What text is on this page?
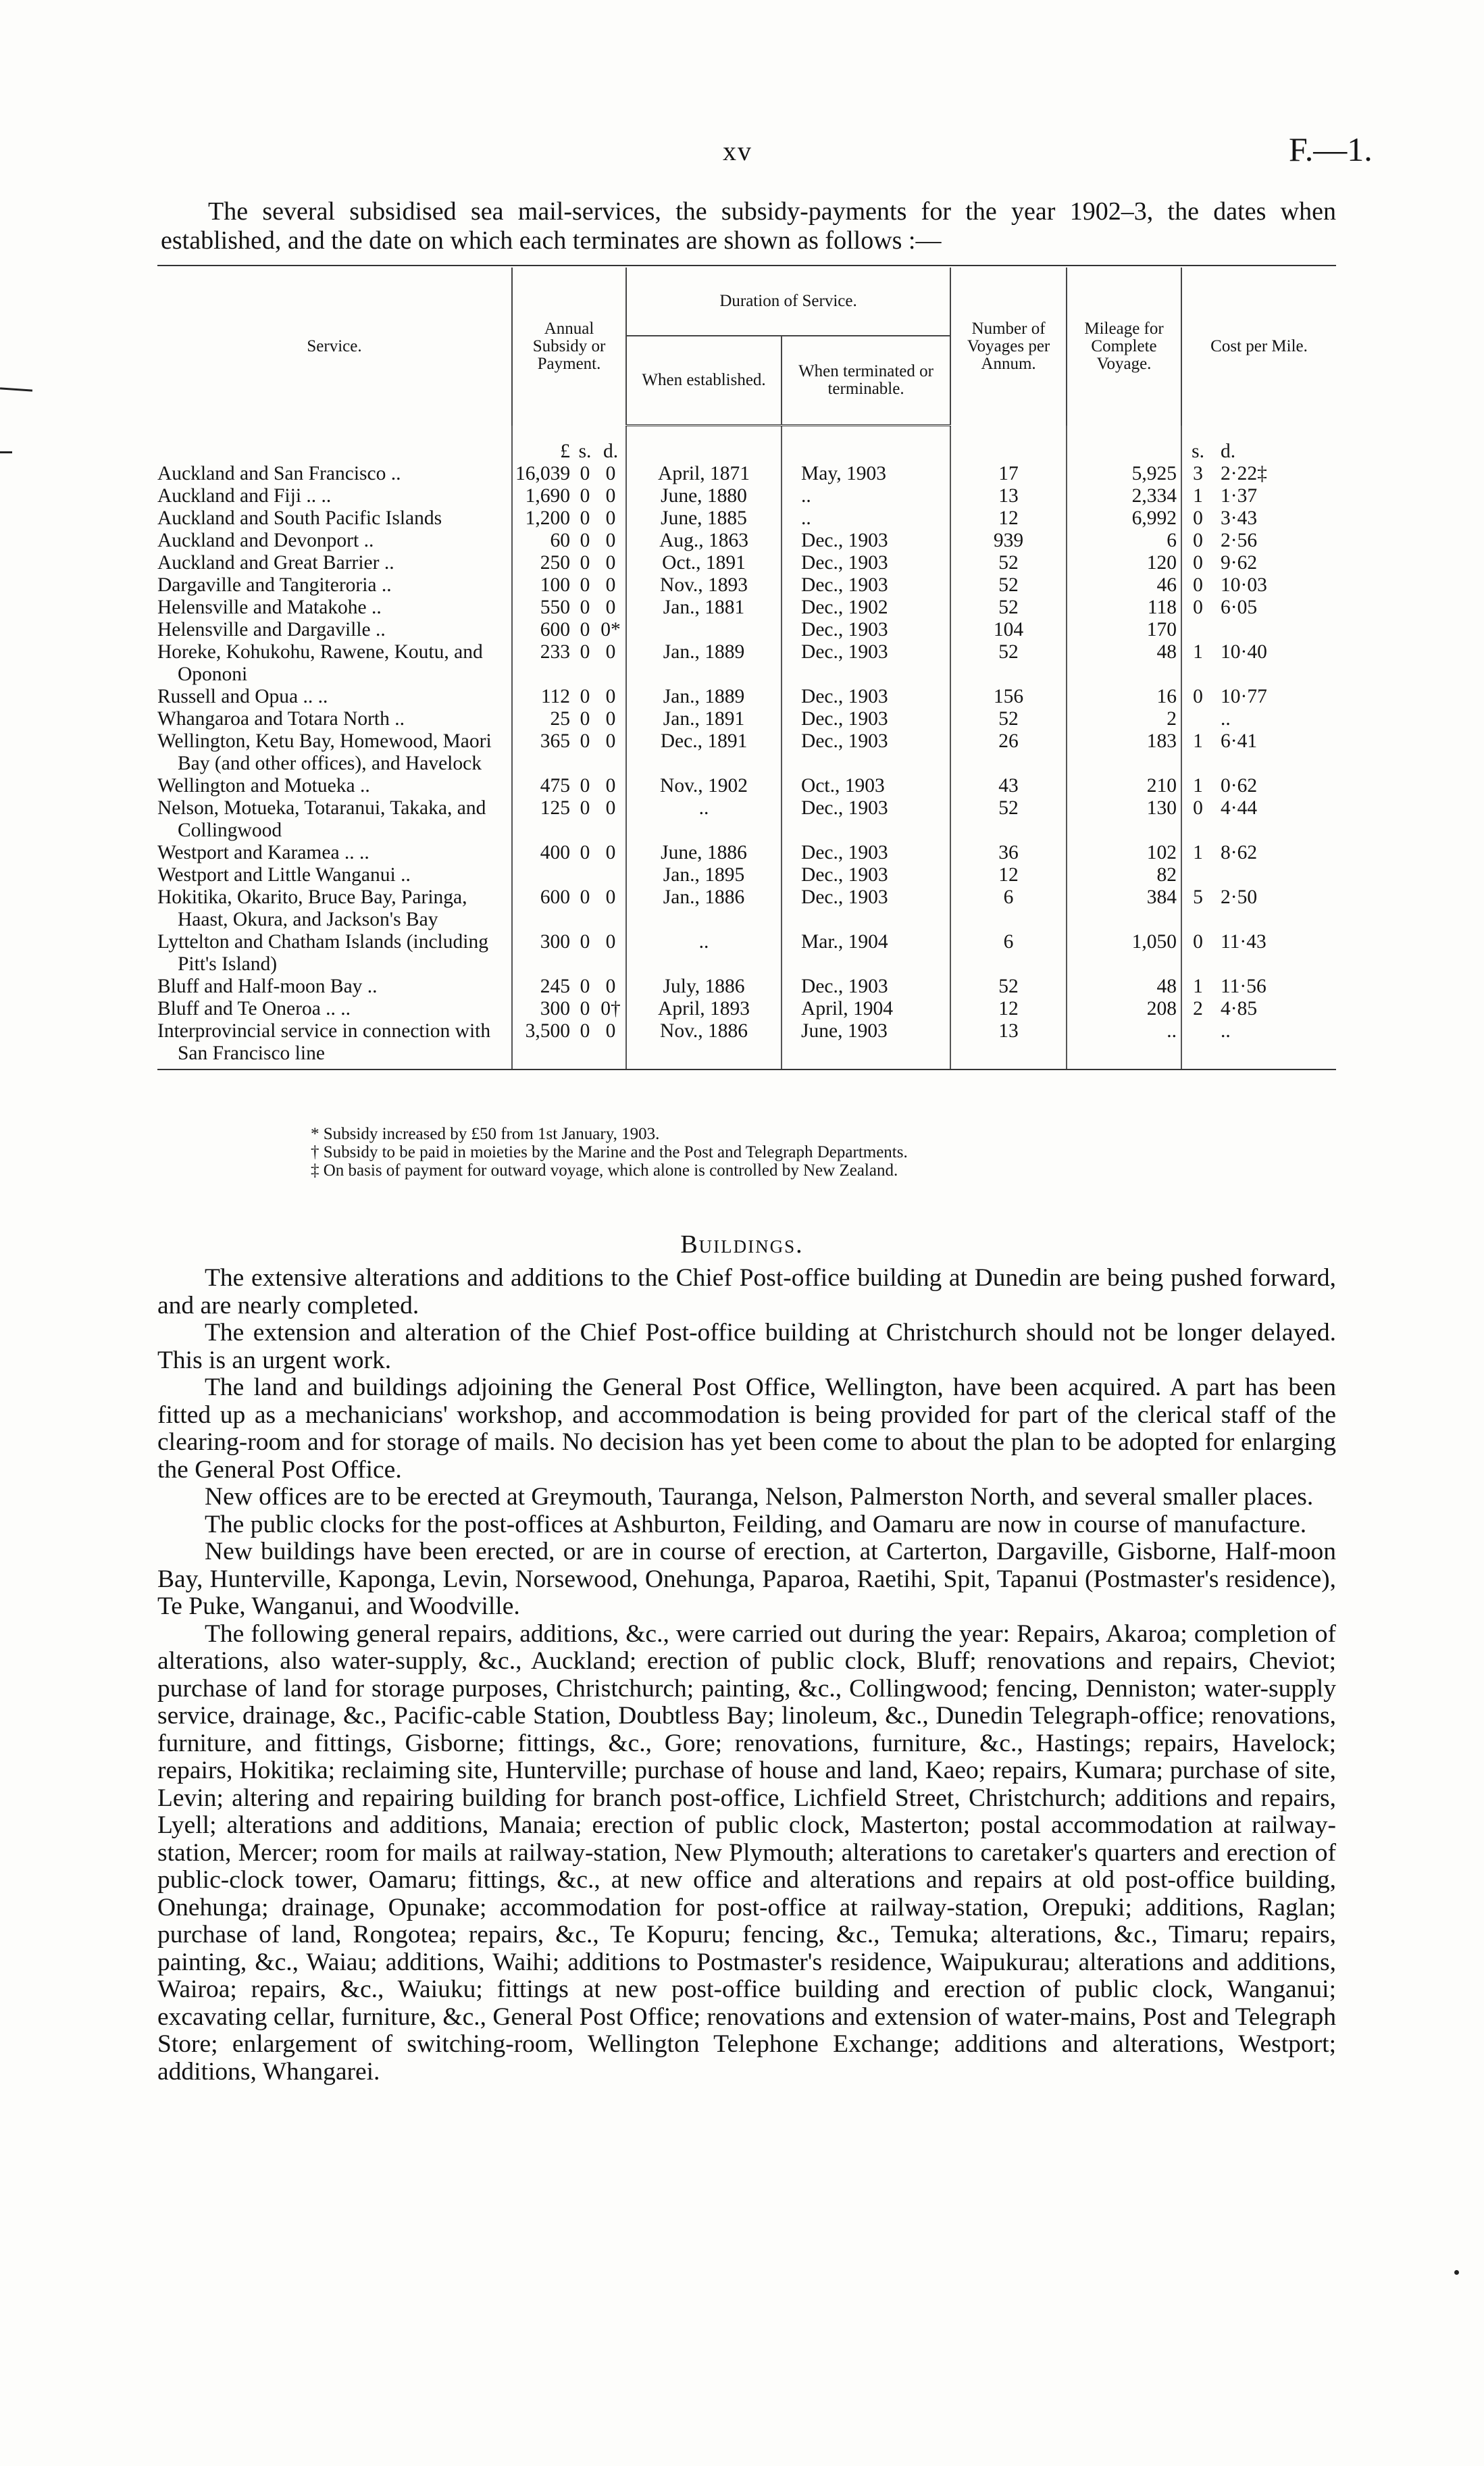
xv	F.—1.
The several subsidised sea mail-services, the subsidy-payments for the year 1902–3, the dates when established, and the date on which each terminates are shown as follows :—
Service.	Annual Subsidy or Payment.			Duration of Service.		Number of Voyages per Annum.	Mileage for Complete Voyage.	Cost per Mile.	
				When established.	When terminated or terminable.				
	£	s.	d.					s.	d.

Auckland and San Francisco ..	16,039	0	0	April, 1871	May, 1903	17	5,925	3	2·22‡

Auckland and Fiji .. ..	1,690	0	0	June, 1880	..	13	2,334	1	1·37

Auckland and South Pacific Islands	1,200	0	0	June, 1885	..	12	6,992	0	3·43

Auckland and Devonport ..	60	0	0	Aug., 1863	Dec., 1903	939	6	0	2·56

Auckland and Great Barrier ..	250	0	0	Oct., 1891	Dec., 1903	52	120	0	9·62

Dargaville and Tangiteroria ..	100	0	0	Nov., 1893	Dec., 1903	52	46	0	10·03

Helensville and Matakohe ..	550	0	0	Jan., 1881	Dec., 1902	52	118	0	6·05

Helensville and Dargaville ..	600	0	0*		Dec., 1903	104	170		

Horeke, Kohukohu, Rawene, Koutu, and Opononi	233	0	0	Jan., 1889	Dec., 1903	52	48	1	10·40

Russell and Opua .. ..	112	0	0	Jan., 1889	Dec., 1903	156	16	0	10·77

Whangaroa and Totara North ..	25	0	0	Jan., 1891	Dec., 1903	52	2		..

Wellington, Ketu Bay, Homewood, Maori Bay (and other offices), and Havelock	365	0	0	Dec., 1891	Dec., 1903	26	183	1	6·41

Wellington and Motueka ..	475	0	0	Nov., 1902	Oct., 1903	43	210	1	0·62

Nelson, Motueka, Totaranui, Takaka, and Collingwood	125	0	0	..	Dec., 1903	52	130	0	4·44

Westport and Karamea .. ..	400	0	0	June, 1886	Dec., 1903	36	102	1	8·62

Westport and Little Wanganui ..				Jan., 1895	Dec., 1903	12	82		

Hokitika, Okarito, Bruce Bay, Paringa, Haast, Okura, and Jackson's Bay	600	0	0	Jan., 1886	Dec., 1903	6	384	5	2·50

Lyttelton and Chatham Islands (including Pitt's Island)	300	0	0	..	Mar., 1904	6	1,050	0	11·43

Bluff and Half-moon Bay ..	245	0	0	July, 1886	Dec., 1903	52	48	1	11·56

Bluff and Te Oneroa .. ..	300	0	0†	April, 1893	April, 1904	12	208	2	4·85

Interprovincial service in connection with San Francisco line	3,500	0	0	Nov., 1886	June, 1903	13	..		..
* Subsidy increased by £50 from 1st January, 1903.
† Subsidy to be paid in moieties by the Marine and the Post and Telegraph Departments.
‡ On basis of payment for outward voyage, which alone is controlled by New Zealand.
Buildings.

The extensive alterations and additions to the Chief Post-office building at Dunedin are being pushed forward, and are nearly completed.

The extension and alteration of the Chief Post-office building at Christchurch should not be longer delayed. This is an urgent work.

The land and buildings adjoining the General Post Office, Wellington, have been acquired. A part has been fitted up as a mechanicians' workshop, and accommodation is being provided for part of the clerical staff of the clearing-room and for storage of mails. No decision has yet been come to about the plan to be adopted for enlarging the General Post Office.

New offices are to be erected at Greymouth, Tauranga, Nelson, Palmerston North, and several smaller places.

The public clocks for the post-offices at Ashburton, Feilding, and Oamaru are now in course of manufacture.

New buildings have been erected, or are in course of erection, at Carterton, Dargaville, Gisborne, Half-moon Bay, Hunterville, Kaponga, Levin, Norsewood, Onehunga, Paparoa, Raetihi, Spit, Tapanui (Postmaster's residence), Te Puke, Wanganui, and Woodville.

The following general repairs, additions, &c., were carried out during the year: Repairs, Akaroa; completion of alterations, also water-supply, &c., Auckland; erection of public clock, Bluff; renovations and repairs, Cheviot; purchase of land for storage purposes, Christchurch; painting, &c., Collingwood; fencing, Denniston; water-supply service, drainage, &c., Pacific-cable Station, Doubtless Bay; linoleum, &c., Dunedin Telegraph-office; renovations, furniture, and fittings, Gisborne; fittings, &c., Gore; renovations, furniture, &c., Hastings; repairs, Havelock; repairs, Hokitika; reclaiming site, Hunterville; purchase of house and land, Kaeo; repairs, Kumara; purchase of site, Levin; altering and repairing building for branch post-office, Lichfield Street, Christchurch; additions and repairs, Lyell; alterations and additions, Manaia; erection of public clock, Masterton; postal accommodation at railway-station, Mercer; room for mails at railway-station, New Plymouth; alterations to caretaker's quarters and erection of public-clock tower, Oamaru; fittings, &c., at new office and alterations and repairs at old post-office building, Onehunga; drainage, Opunake; accommodation for post-office at railway-station, Orepuki; additions, Raglan; purchase of land, Rongotea; repairs, &c., Te Kopuru; fencing, &c., Temuka; alterations, &c., Timaru; repairs, painting, &c., Waiau; additions, Waihi; additions to Postmaster's residence, Waipukurau; alterations and additions, Wairoa; repairs, &c., Waiuku; fittings at new post-office building and erection of public clock, Wanganui; excavating cellar, furniture, &c., General Post Office; renovations and extension of water-mains, Post and Telegraph Store; enlargement of switching-room, Wellington Telephone Exchange; additions and alterations, Westport; additions, Whangarei.
